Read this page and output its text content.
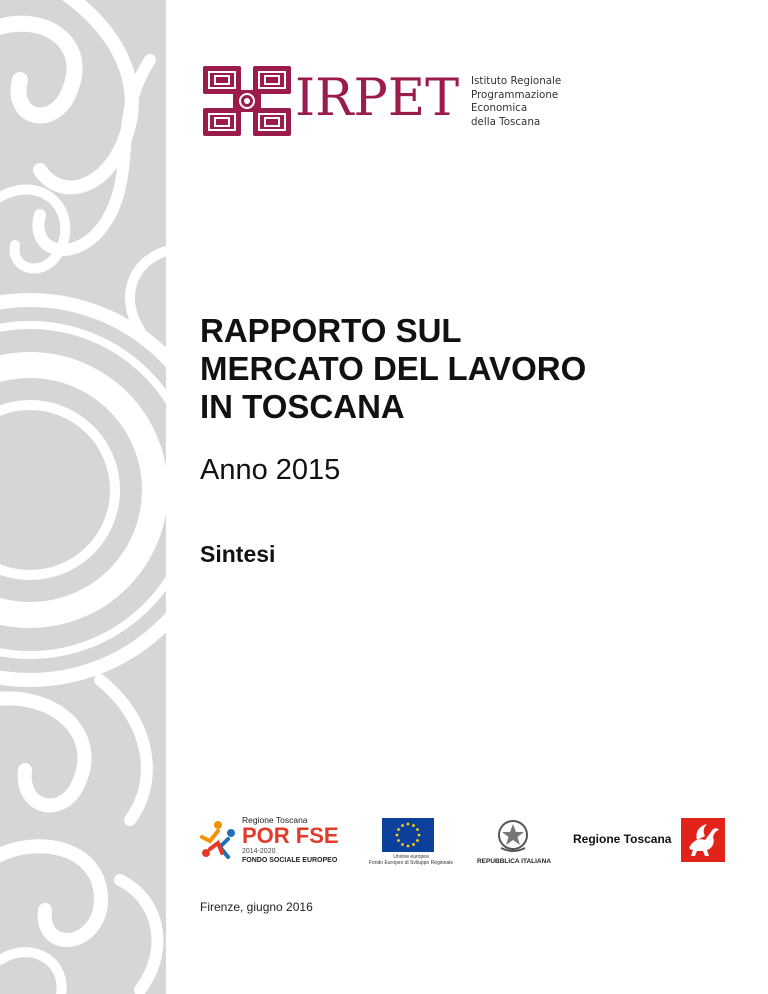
IRPET Istituto Regionale
Programmazione
Economica
della Toscana
RAPPORTO SUL
MERCATO DEL LAVORO
IN TOSCANA
Anno 2015
Sintesi
Regione Toscana
POR FSE
2014-2020
FONDO SOCIALE EUROPEO	Unione europea
Fondo Europeo di Sviluppo Regionale	REPUBBLICA ITALIANA
Regione Toscana
Firenze, giugno 2016
